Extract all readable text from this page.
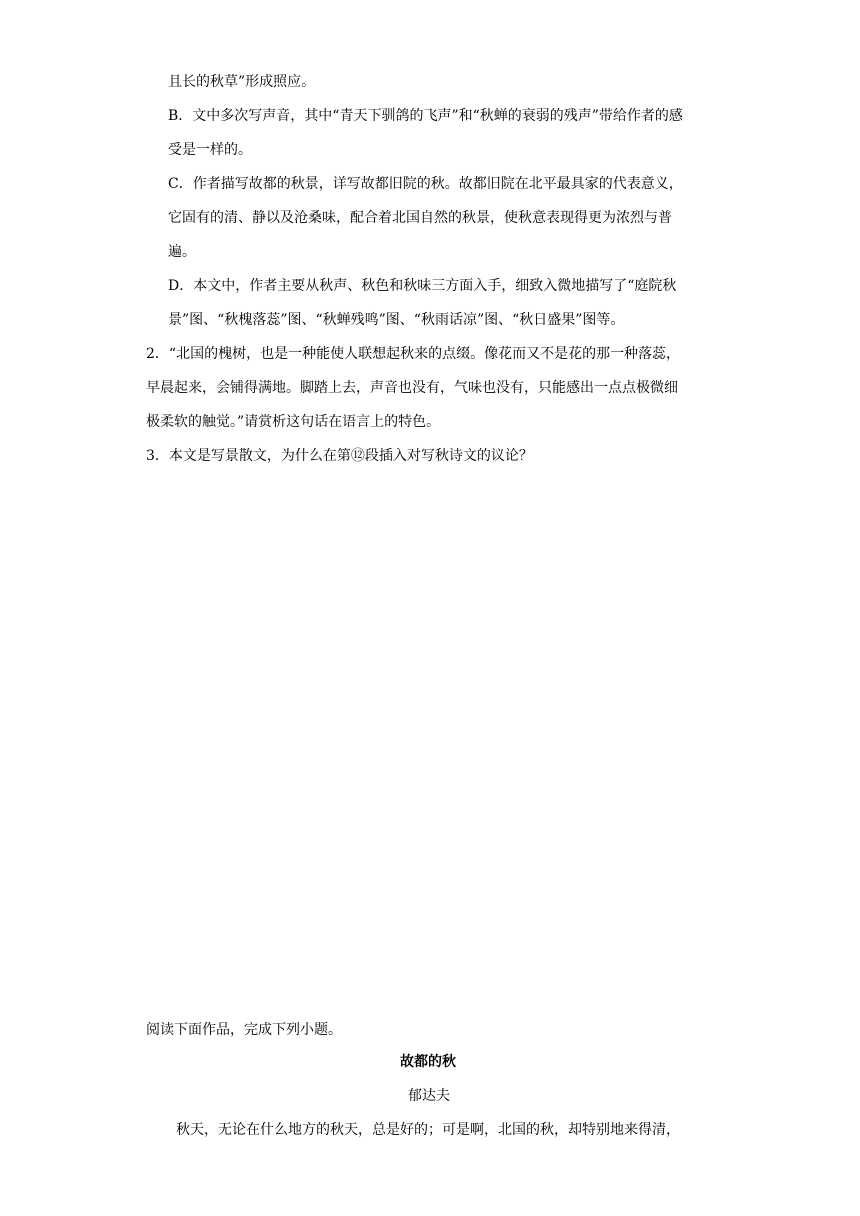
且长的秋草”形成照应。
B．文中多次写声音，其中“青天下驯鸽的飞声”和“秋蝉的衰弱的残声”带给作者的感
受是一样的。
C．作者描写故都的秋景，详写故都旧院的秋。故都旧院在北平最具家的代表意义，
它固有的清、静以及沧桑味，配合着北国自然的秋景，使秋意表现得更为浓烈与普
遍。
D．本文中，作者主要从秋声、秋色和秋味三方面入手，细致入微地描写了“庭院秋
景”图、“秋槐落蕊”图、“秋蝉残鸣”图、“秋雨话凉”图、“秋日盛果”图等。
2．“北国的槐树，也是一种能使人联想起秋来的点缀。像花而又不是花的那一种落蕊，
早晨起来，会铺得满地。脚踏上去，声音也没有，气味也没有，只能感出一点点极微细
极柔软的触觉。”请赏析这句话在语言上的特色。
3．本文是写景散文，为什么在第⑫段插入对写秋诗文的议论？
阅读下面作品，完成下列小题。
故都的秋
郁达夫
秋天，无论在什么地方的秋天，总是好的；可是啊，北国的秋，却特别地来得清，
